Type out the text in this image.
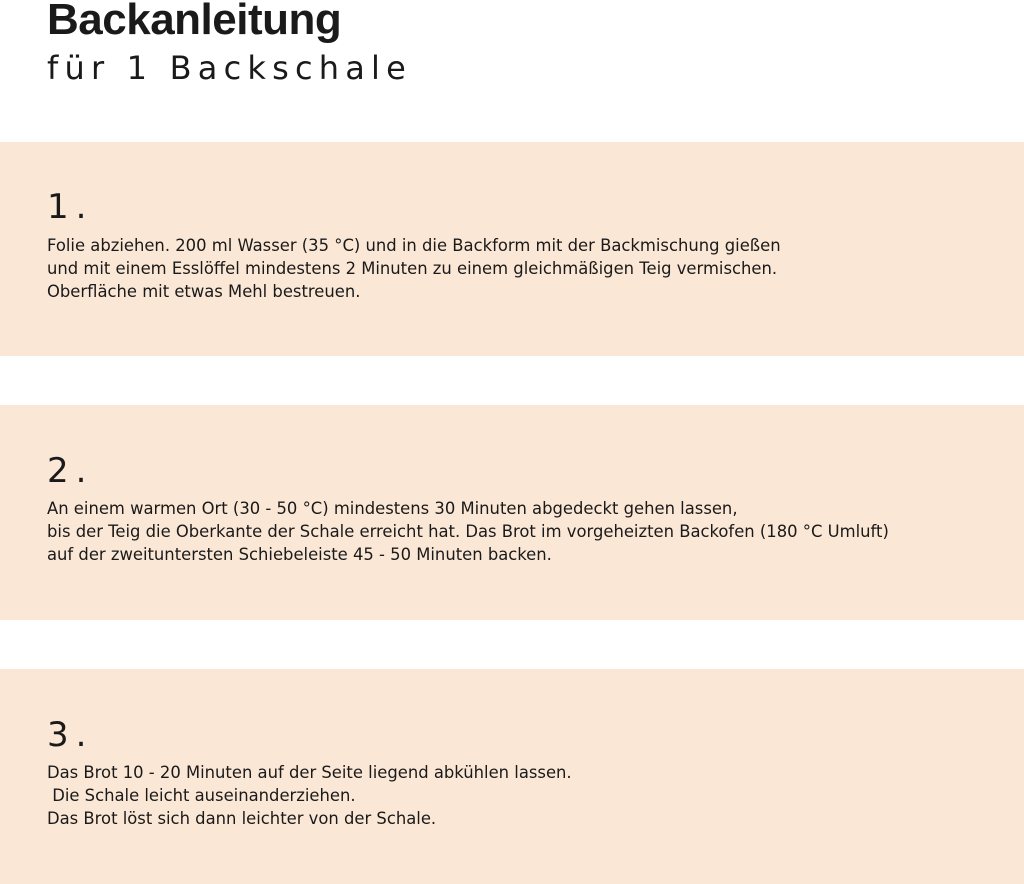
Backanleitung
für 1 Backschale
1.
Folie abziehen. 200 ml Wasser (35 °C) und in die Backform mit der Backmischung gießen
und mit einem Esslöffel mindestens 2 Minuten zu einem gleichmäßigen Teig vermischen.
Oberfläche mit etwas Mehl bestreuen.
2.
An einem warmen Ort (30 - 50 °C) mindestens 30 Minuten abgedeckt gehen lassen,
bis der Teig die Oberkante der Schale erreicht hat. Das Brot im vorgeheizten Backofen (180 °C Umluft)
auf der zweituntersten Schiebeleiste 45 - 50 Minuten backen.
3.
Das Brot 10 - 20 Minuten auf der Seite liegend abkühlen lassen.
Die Schale leicht auseinanderziehen.
Das Brot löst sich dann leichter von der Schale.
